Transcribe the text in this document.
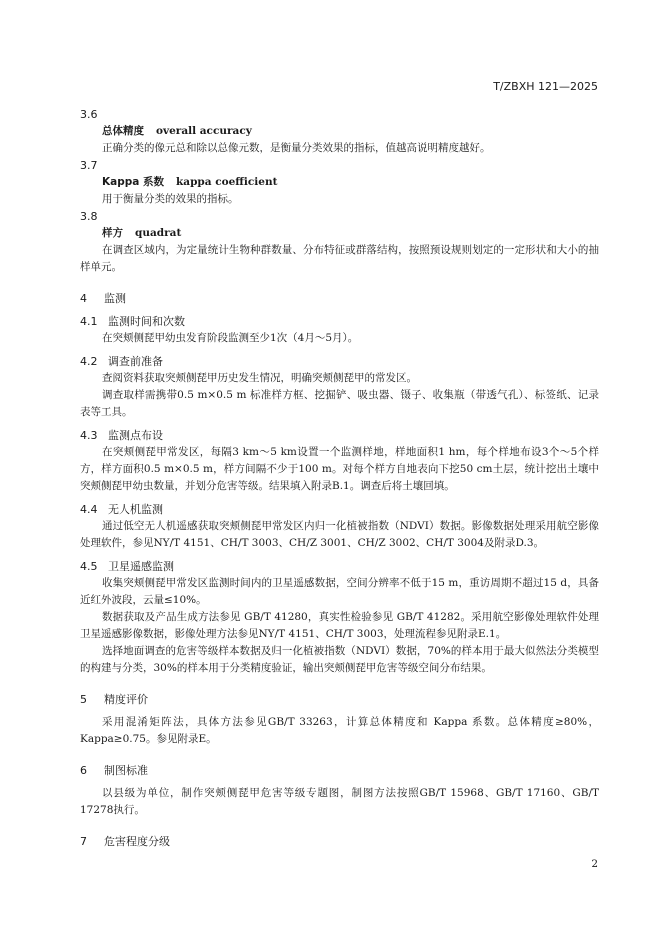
T/ZBXH 121—2025

3.6

总体精度 overall accuracy

正确分类的像元总和除以总像元数，是衡量分类效果的指标，值越高说明精度越好。

3.7

Kappa 系数 kappa coefficient

用于衡量分类的效果的指标。

3.8

样方 quadrat

在调查区域内，为定量统计生物种群数量、分布特征或群落结构，按照预设规则划定的一定形状和大小的抽样单元。

4 监测

4.1 监测时间和次数

在突颊侧琵甲幼虫发育阶段监测至少1次（4月～5月）。

4.2 调查前准备

查阅资料获取突颊侧琵甲历史发生情况，明确突颊侧琵甲的常发区。

调查取样需携带0.5 m×0.5 m 标准样方框、挖掘铲、吸虫器、镊子、收集瓶（带透气孔）、标签纸、记录表等工具。

4.3 监测点布设

在突颊侧琵甲常发区，每隔3 km～5 km设置一个监测样地，样地面积1 hm，每个样地布设3个～5个样方，样方面积0.5 m×0.5 m，样方间隔不少于100 m。对每个样方自地表向下挖50 cm土层，统计挖出土壤中突颊侧琵甲幼虫数量，并划分危害等级。结果填入附录B.1。调查后将土壤回填。

4.4 无人机监测

通过低空无人机遥感获取突颊侧琵甲常发区内归一化植被指数（NDVI）数据。影像数据处理采用航空影像处理软件，参见NY/T 4151、CH/T 3003、CH/Z 3001、CH/Z 3002、CH/T 3004及附录D.3。

4.5 卫星遥感监测

收集突颊侧琵甲常发区监测时间内的卫星遥感数据，空间分辨率不低于15 m，重访周期不超过15 d，具备近红外波段，云量≤10%。

数据获取及产品生成方法参见 GB/T 41280，真实性检验参见 GB/T 41282。采用航空影像处理软件处理卫星遥感影像数据，影像处理方法参见NY/T 4151、CH/T 3003，处理流程参见附录E.1。

选择地面调查的危害等级样本数据及归一化植被指数（NDVI）数据，70%的样本用于最大似然法分类模型的构建与分类，30%的样本用于分类精度验证，输出突颊侧琵甲危害等级空间分布结果。

5 精度评价

采用混淆矩阵法，具体方法参见GB/T 33263，计算总体精度和 Kappa 系数。总体精度≥80%，Kappa≥0.75。参见附录E。

6 制图标准

以县级为单位，制作突颊侧琵甲危害等级专题图，制图方法按照GB/T 15968、GB/T 17160、GB/T 17278执行。

7 危害程度分级

2
